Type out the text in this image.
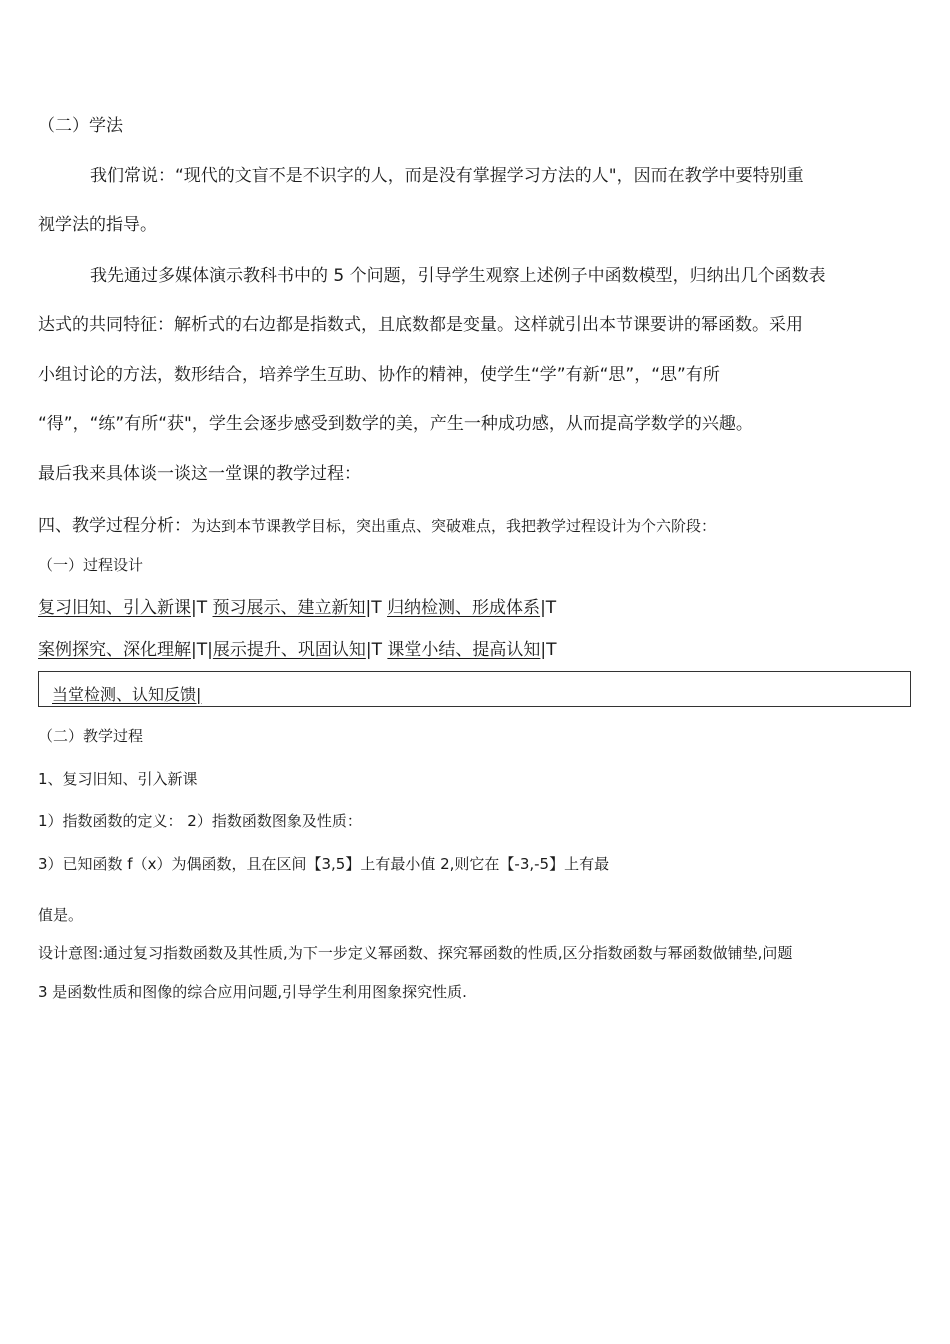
（二）学法
我们常说：“现代的文盲不是不识字的人，而是没有掌握学习方法的人"，因而在教学中要特别重
视学法的指导。
我先通过多媒体演示教科书中的 5 个问题，引导学生观察上述例子中函数模型，归纳出几个函数表
达式的共同特征：解析式的右边都是指数式，且底数都是变量。这样就引出本节课要讲的幂函数。采用
小组讨论的方法，数形结合，培养学生互助、协作的精神，使学生“学”有新“思”，“思”有所
“得”，“练”有所“获"，学生会逐步感受到数学的美，产生一种成功感，从而提高学数学的兴趣。
最后我来具体谈一谈这一堂课的教学过程：
四、教学过程分析：为达到本节课教学目标，突出重点、突破难点，我把教学过程设计为个六阶段：
（一）过程设计
复习旧知、引入新课|T 预习展示、建立新知|T 归纳检测、形成体系|T
案例探究、深化理解|T|展示提升、巩固认知|T 课堂小结、提高认知|T
当堂检测、认知反馈|
（二）教学过程
1、复习旧知、引入新课
1）指数函数的定义： 2）指数函数图象及性质：
3）已知函数 f（x）为偶函数，且在区间【3,5】上有最小值 2,则它在【-3,-5】上有最
值是。
设计意图:通过复习指数函数及其性质,为下一步定义幂函数、探究幂函数的性质,区分指数函数与幂函数做铺垫,问题
3 是函数性质和图像的综合应用问题,引导学生利用图象探究性质.
